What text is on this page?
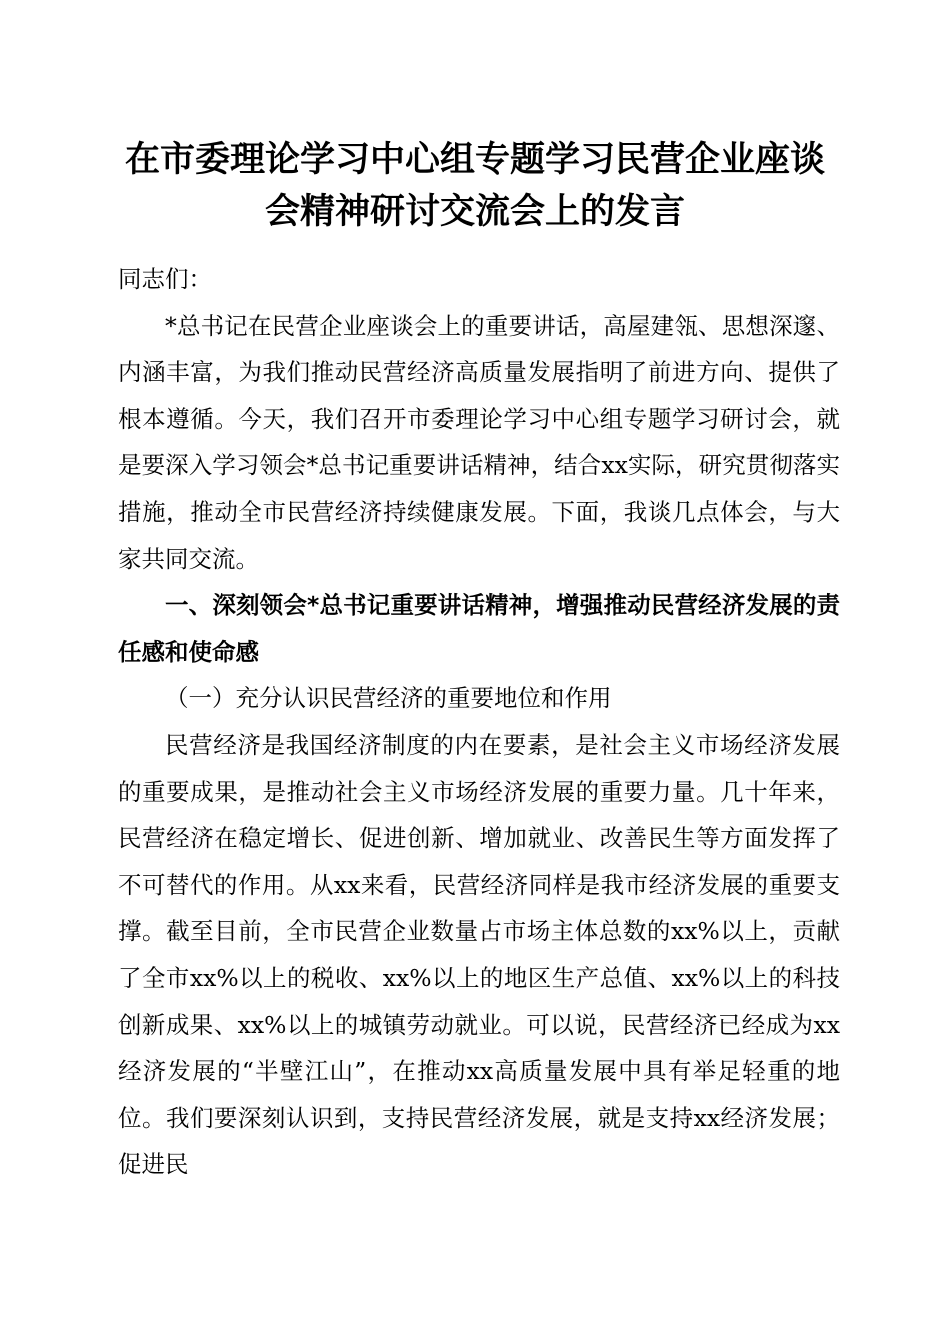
在市委理论学习中心组专题学习民营企业座谈会精神研讨交流会上的发言

同志们：

*总书记在民营企业座谈会上的重要讲话，高屋建瓴、思想深邃、内涵丰富，为我们推动民营经济高质量发展指明了前进方向、提供了根本遵循。今天，我们召开市委理论学习中心组专题学习研讨会，就是要深入学习领会*总书记重要讲话精神，结合xx实际，研究贯彻落实措施，推动全市民营经济持续健康发展。下面，我谈几点体会，与大家共同交流。

一、深刻领会*总书记重要讲话精神，增强推动民营经济发展的责任感和使命感

（一）充分认识民营经济的重要地位和作用

民营经济是我国经济制度的内在要素，是社会主义市场经济发展的重要成果，是推动社会主义市场经济发展的重要力量。几十年来，民营经济在稳定增长、促进创新、增加就业、改善民生等方面发挥了不可替代的作用。从xx来看，民营经济同样是我市经济发展的重要支撑。截至目前，全市民营企业数量占市场主体总数的xx%以上，贡献了全市xx%以上的税收、xx%以上的地区生产总值、xx%以上的科技创新成果、xx%以上的城镇劳动就业。可以说，民营经济已经成为xx经济发展的“半壁江山”，在推动xx高质量发展中具有举足轻重的地位。我们要深刻认识到，支持民营经济发展，就是支持xx经济发展；促进民
